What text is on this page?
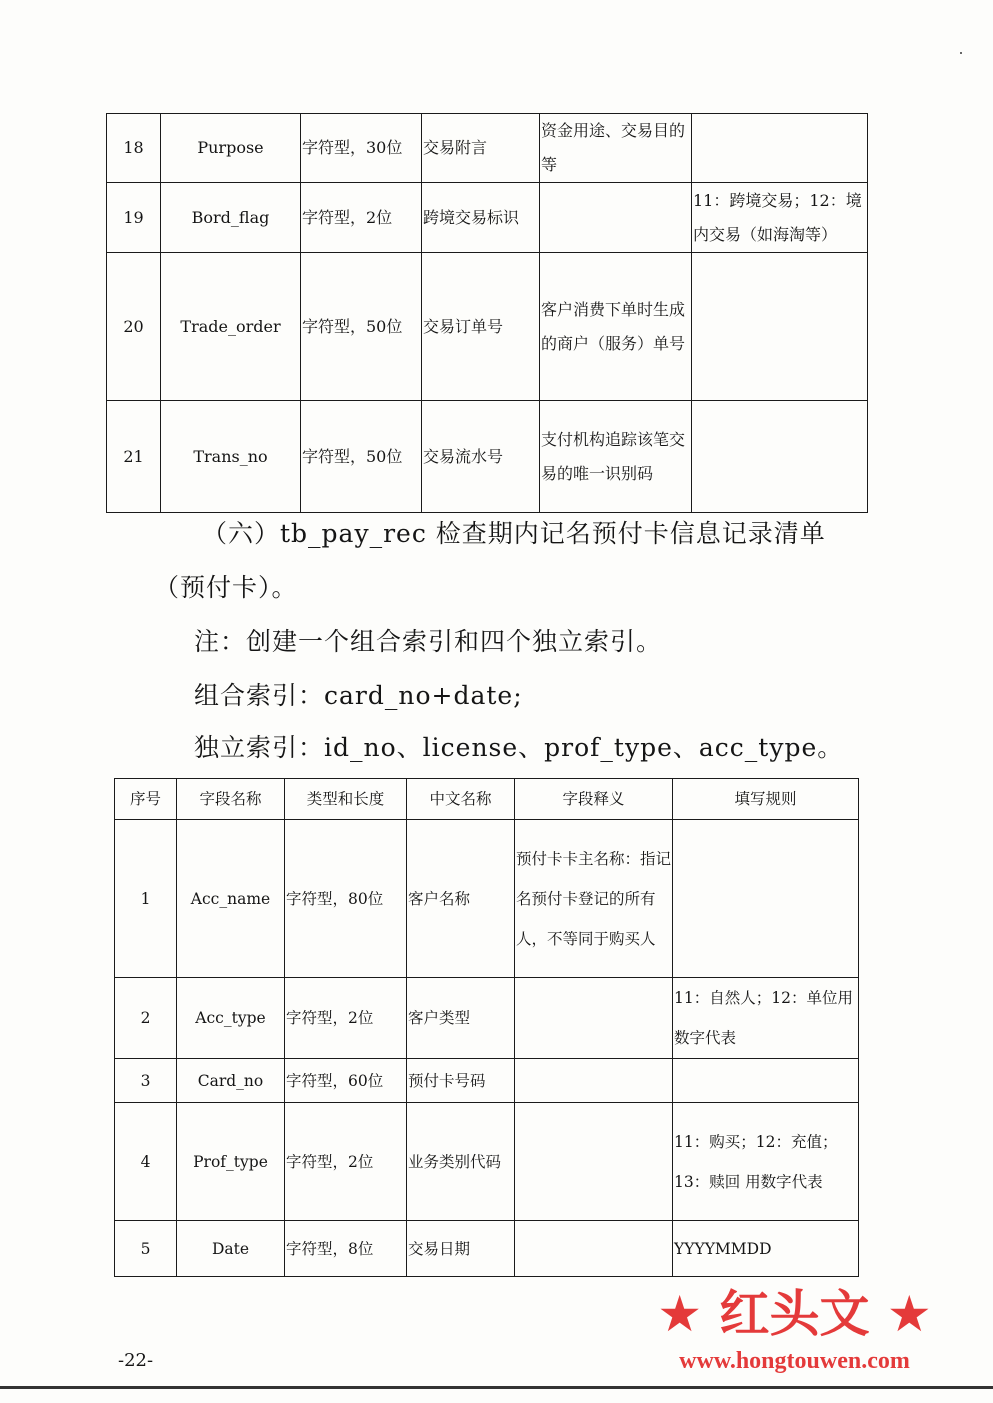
18	Purpose	字符型，30位	交易附言	资金用途、交易目的等	
19	Bord_flag	字符型，2位	跨境交易标识		11：跨境交易；12：境内交易（如海淘等）
20	Trade_order	字符型，50位	交易订单号	客户消费下单时生成的商户（服务）单号	
21	Trans_no	字符型，50位	交易流水号	支付机构追踪该笔交易的唯一识别码	
（六）tb_pay_rec 检查期内记名预付卡信息记录清单
（预付卡）。
注：创建一个组合索引和四个独立索引。
组合索引：card_no+date;
独立索引：id_no、license、prof_type、acc_type。
序号	字段名称	类型和长度	中文名称	字段释义	填写规则
1	Acc_name	字符型，80位	客户名称	预付卡卡主名称：指记名预付卡登记的所有人，不等同于购买人	
2	Acc_type	字符型，2位	客户类型		11：自然人；12：单位用数字代表
3	Card_no	字符型，60位	预付卡号码		
4	Prof_type	字符型，2位	业务类别代码		11：购买；12：充值；13：赎回 用数字代表
5	Date	字符型，8位	交易日期		YYYYMMDD
★ 红头文 ★
www.hongtouwen.com
-22-
